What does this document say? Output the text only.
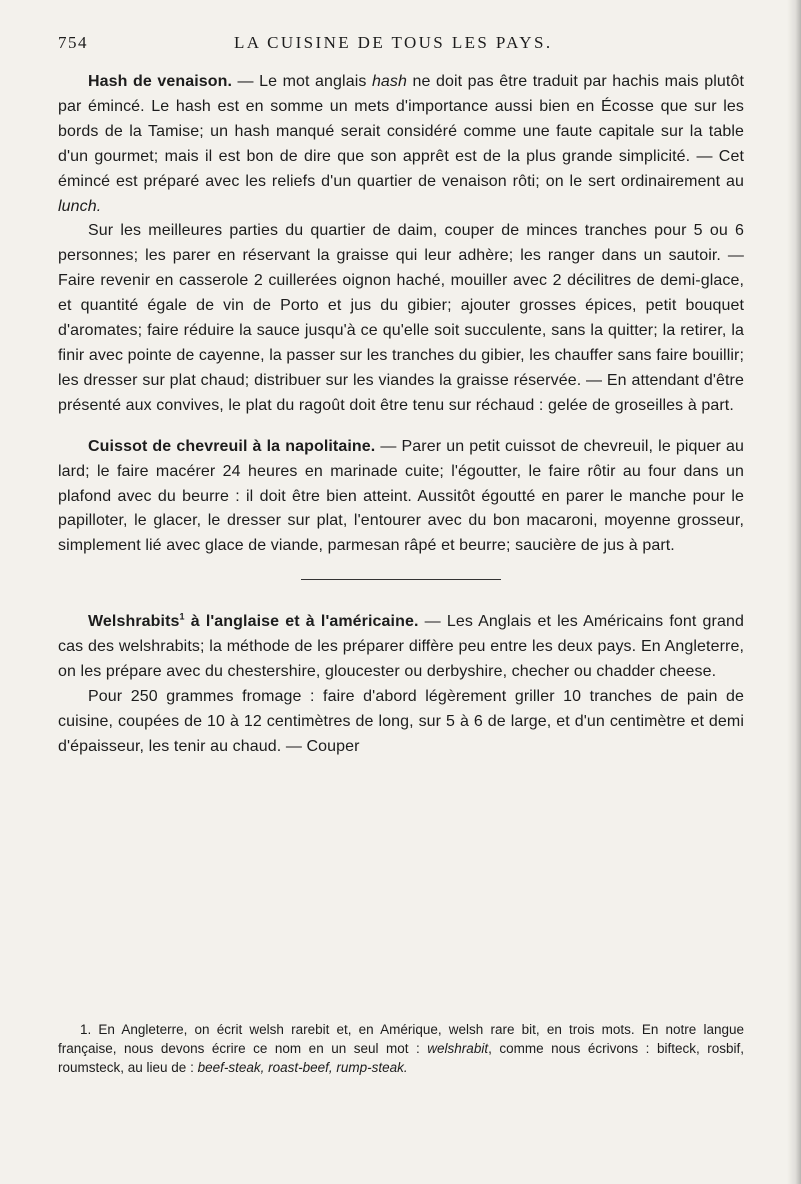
754	LA CUISINE DE TOUS LES PAYS.

Hash de venaison. — Le mot anglais hash ne doit pas être traduit par hachis mais plutôt par émincé. Le hash est en somme un mets d'importance aussi bien en Écosse que sur les bords de la Tamise; un hash manqué serait considéré comme une faute capitale sur la table d'un gourmet; mais il est bon de dire que son apprêt est de la plus grande simplicité. — Cet émincé est préparé avec les reliefs d'un quartier de venaison rôti; on le sert ordinairement au lunch.

Sur les meilleures parties du quartier de daim, couper de minces tranches pour 5 ou 6 personnes; les parer en réservant la graisse qui leur adhère; les ranger dans un sautoir. — Faire revenir en casserole 2 cuillerées oignon haché, mouiller avec 2 décilitres de demi-glace, et quantité égale de vin de Porto et jus du gibier; ajouter grosses épices, petit bouquet d'aromates; faire réduire la sauce jusqu'à ce qu'elle soit succulente, sans la quitter; la retirer, la finir avec pointe de cayenne, la passer sur les tranches du gibier, les chauffer sans faire bouillir; les dresser sur plat chaud; distribuer sur les viandes la graisse réservée. — En attendant d'être présenté aux convives, le plat du ragoût doit être tenu sur réchaud : gelée de groseilles à part.

Cuissot de chevreuil à la napolitaine. — Parer un petit cuissot de chevreuil, le piquer au lard; le faire macérer 24 heures en marinade cuite; l'égoutter, le faire rôtir au four dans un plafond avec du beurre : il doit être bien atteint. Aussitôt égoutté en parer le manche pour le papilloter, le glacer, le dresser sur plat, l'entourer avec du bon macaroni, moyenne grosseur, simplement lié avec glace de viande, parmesan râpé et beurre; saucière de jus à part.

Welshrabits$^1$ à l'anglaise et à l'américaine. — Les Anglais et les Américains font grand cas des welshrabits; la méthode de les préparer diffère peu entre les deux pays. En Angleterre, on les prépare avec du chestershire, gloucester ou derbyshire, checher ou chadder cheese.

Pour 250 grammes fromage : faire d'abord légèrement griller 10 tranches de pain de cuisine, coupées de 10 à 12 centimètres de long, sur 5 à 6 de large, et d'un centimètre et demi d'épaisseur, les tenir au chaud. — Couper

1. En Angleterre, on écrit welsh rarebit et, en Amérique, welsh rare bit, en trois mots. En notre langue française, nous devons écrire ce nom en un seul mot : welshrabit, comme nous écrivons : bifteck, rosbif, roumsteck, au lieu de : beef-steak, roast-beef, rump-steak.
